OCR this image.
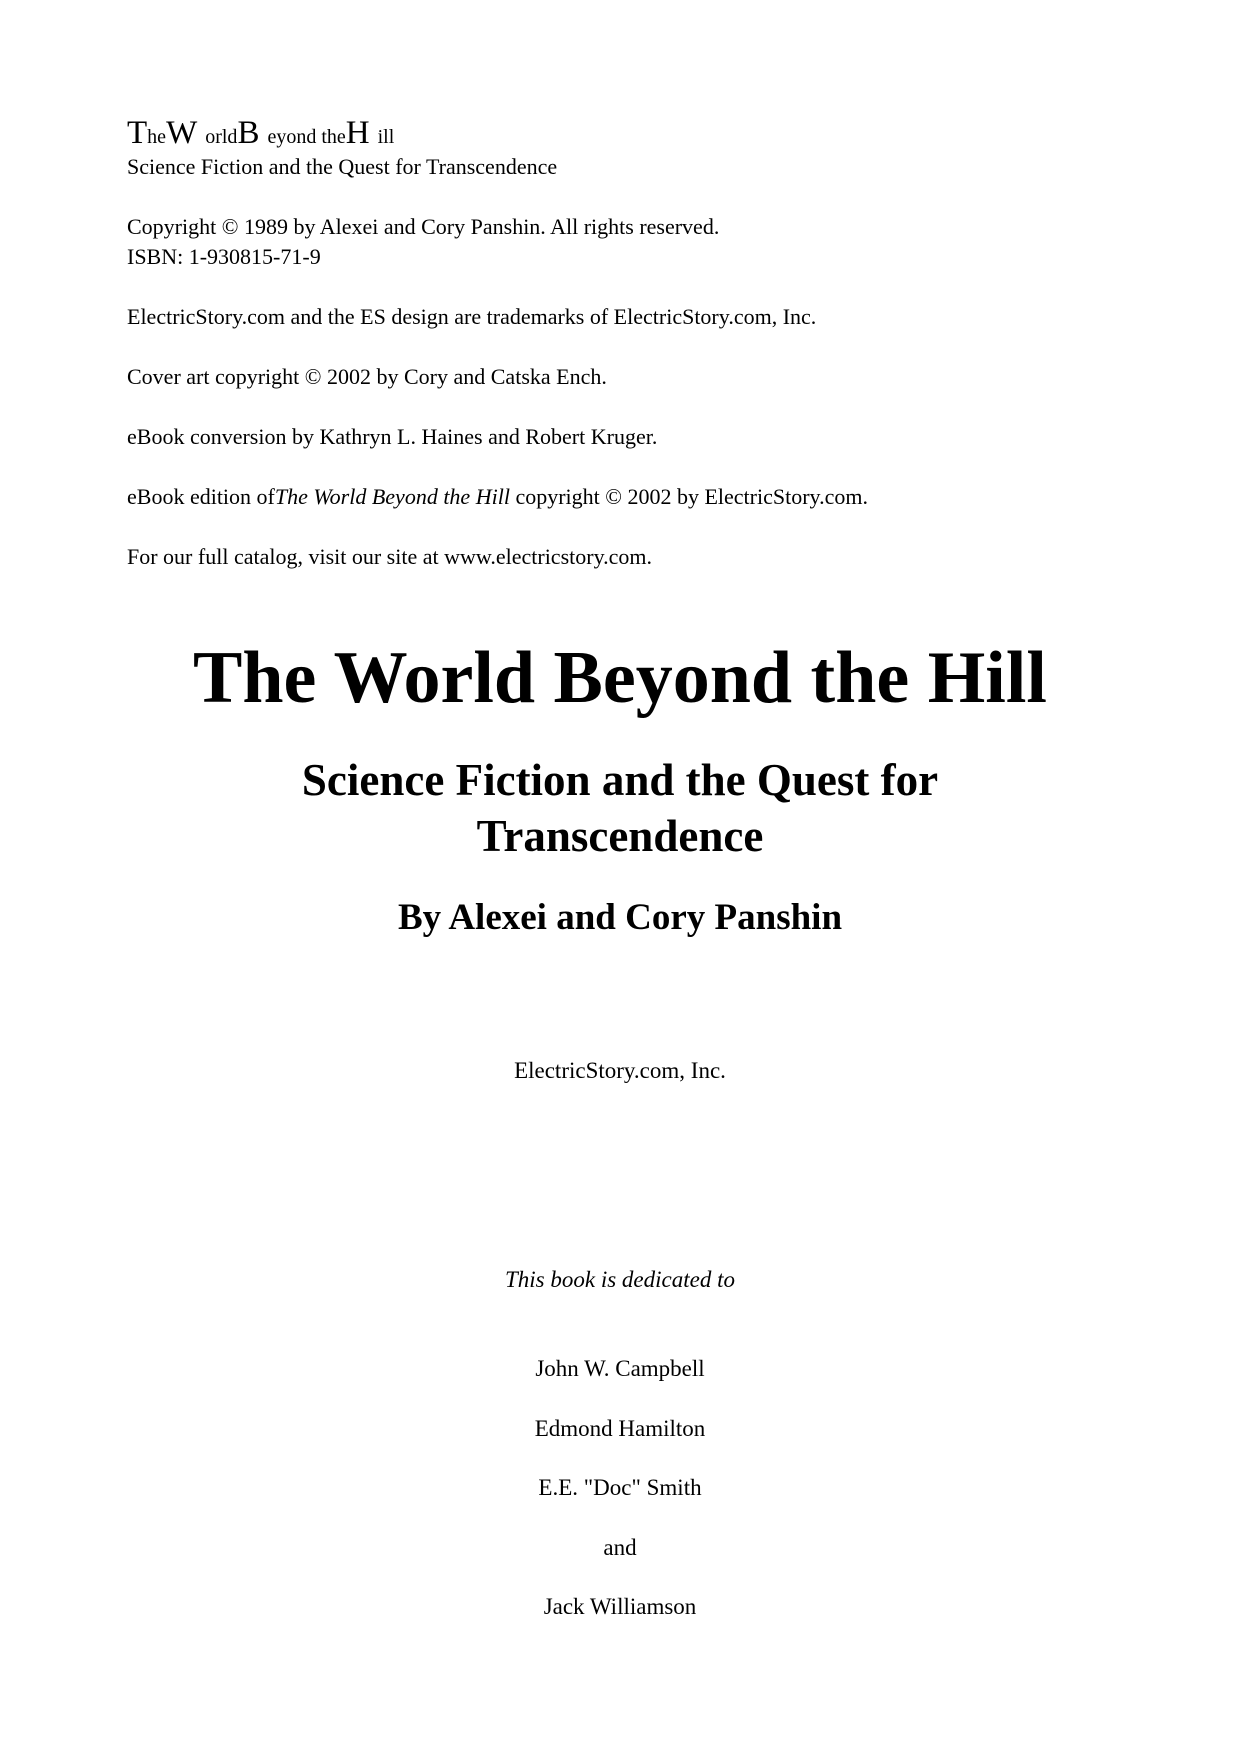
TheW orldB eyond theH ill
Science Fiction and the Quest for Transcendence
Copyright © 1989 by Alexei and Cory Panshin. All rights reserved.
ISBN: 1-930815-71-9
ElectricStory.com and the ES design are trademarks of ElectricStory.com, Inc.
Cover art copyright © 2002 by Cory and Catska Ench.
eBook conversion by Kathryn L. Haines and Robert Kruger.
eBook edition ofThe World Beyond the Hill copyright © 2002 by ElectricStory.com.
For our full catalog, visit our site at www.electricstory.com.
The World Beyond the Hill
Science Fiction and the Quest for
Transcendence
By Alexei and Cory Panshin
ElectricStory.com, Inc.
This book is dedicated to
John W. Campbell
Edmond Hamilton
E.E. "Doc" Smith
and
Jack Williamson
